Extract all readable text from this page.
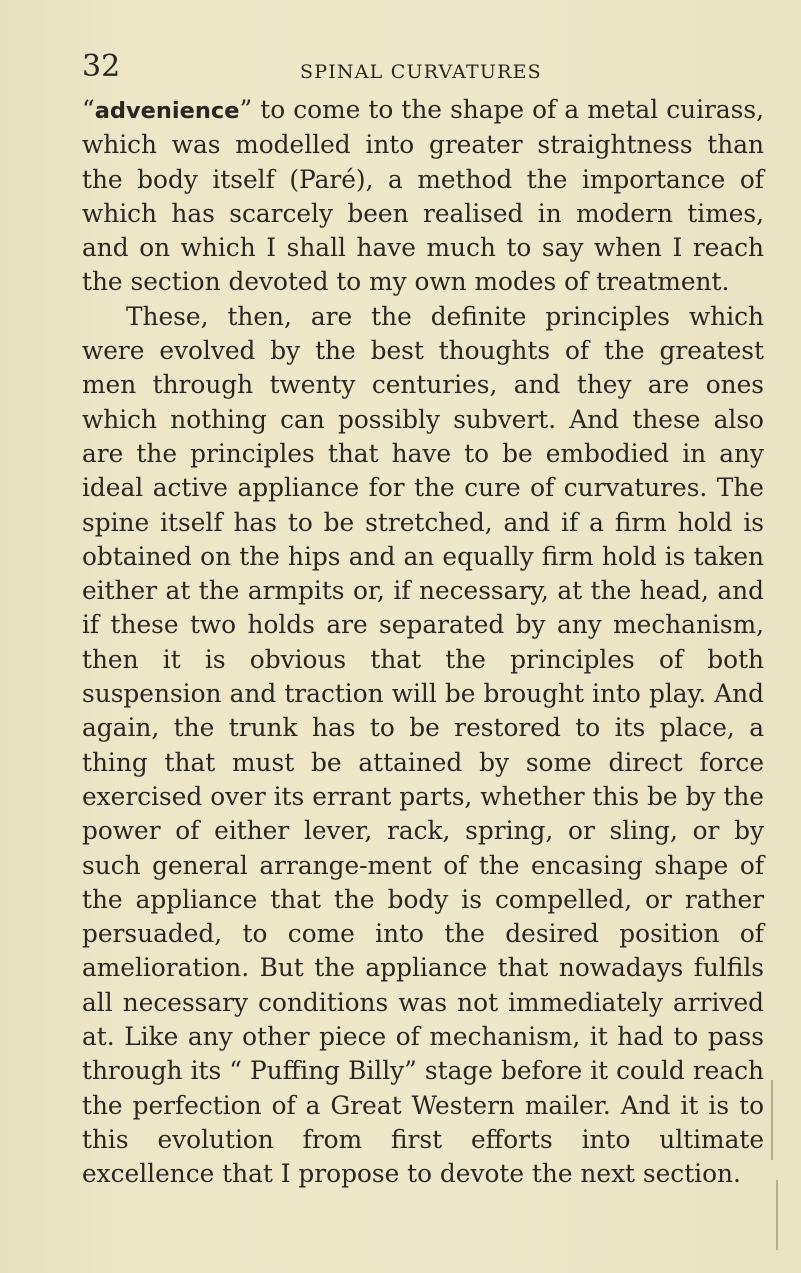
32	SPINAL CURVATURES

“advenience” to come to the shape of a metal cuirass, which was modelled into greater straightness than the body itself (Paré), a method the importance of which has scarcely been realised in modern times, and on which I shall have much to say when I reach the section devoted to my own modes of treatment.

These, then, are the definite principles which were evolved by the best thoughts of the greatest men through twenty centuries, and they are ones which nothing can possibly subvert. And these also are the principles that have to be embodied in any ideal active appliance for the cure of curvatures. The spine itself has to be stretched, and if a firm hold is obtained on the hips and an equally firm hold is taken either at the armpits or, if necessary, at the head, and if these two holds are separated by any mechanism, then it is obvious that the principles of both suspension and traction will be brought into play. And again, the trunk has to be restored to its place, a thing that must be attained by some direct force exercised over its errant parts, whether this be by the power of either lever, rack, spring, or sling, or by such general arrange-ment of the encasing shape of the appliance that the body is compelled, or rather persuaded, to come into the desired position of amelioration. But the appliance that nowadays fulfils all necessary conditions was not immediately arrived at. Like any other piece of mechanism, it had to pass through its “ Puffing Billy” stage before it could reach the perfection of a Great Western mailer. And it is to this evolution from first efforts into ultimate excellence that I propose to devote the next section.
